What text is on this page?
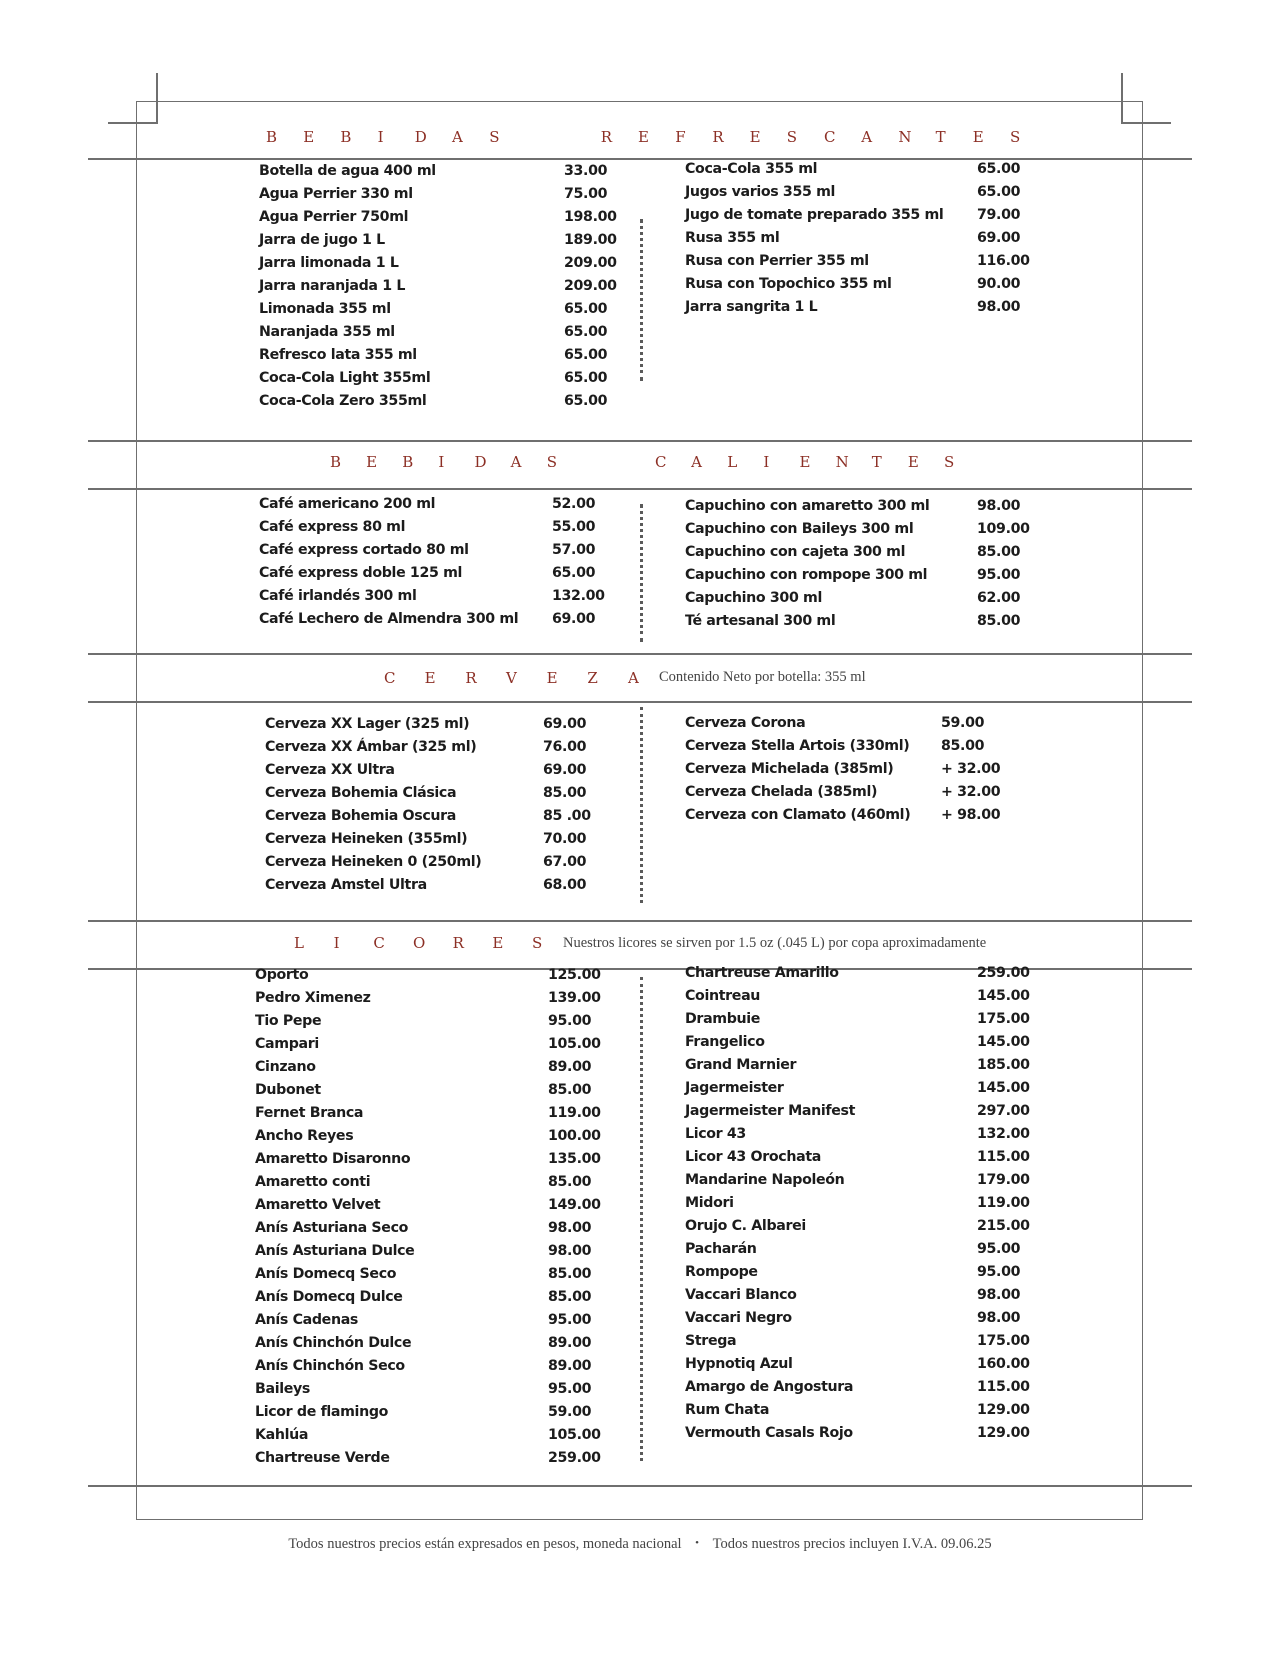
B E B I D A S	R E F R E S C A N T E S
B E B I D A S	C A L I E N T E S
C E R V E Z A Contenido Neto por botella: 355 ml
L I C O R E S Nuestros licores se sirven por 1.5 oz (.045 L) por copa aproximadamente
Botella de agua 400 ml	33.00
Agua Perrier 330 ml	75.00
Agua Perrier 750ml	198.00
Jarra de jugo 1 L	189.00
Jarra limonada 1 L	209.00
Jarra naranjada 1 L	209.00
Limonada 355 ml	65.00
Naranjada 355 ml	65.00
Refresco lata 355 ml	65.00
Coca-Cola Light 355ml	65.00
Coca-Cola Zero 355ml	65.00
Coca-Cola 355 ml	65.00
Jugos varios 355 ml	65.00
Jugo de tomate preparado 355 ml 79.00
Rusa 355 ml	69.00
Rusa con Perrier 355 ml	116.00
Rusa con Topochico 355 ml	90.00
Jarra sangrita 1 L	98.00
Café americano 200 ml	52.00
Café express 80 ml	55.00
Café express cortado 80 ml	57.00
Café express doble 125 ml	65.00
Café irlandés 300 ml	132.00
Café Lechero de Almendra 300 ml 69.00
Capuchino con amaretto 300 ml	98.00
Capuchino con Baileys 300 ml	109.00
Capuchino con cajeta 300 ml	85.00
Capuchino con rompope 300 ml	95.00
Capuchino 300 ml	62.00
Té artesanal 300 ml	85.00
Cerveza XX Lager (325 ml)	69.00
Cerveza XX Ámbar (325 ml)	76.00
Cerveza XX Ultra	69.00
Cerveza Bohemia Clásica	85.00
Cerveza Bohemia Oscura	85 .00
Cerveza Heineken (355ml)	70.00
Cerveza Heineken 0 (250ml)	67.00
Cerveza Amstel Ultra	68.00
Cerveza Corona	59.00
Cerveza Stella Artois (330ml) 85.00
Cerveza Michelada (385ml)	+ 32.00
Cerveza Chelada (385ml)	+ 32.00
Cerveza con Clamato (460ml) + 98.00
Oporto	125.00
Pedro Ximenez	139.00
Tio Pepe	95.00
Campari	105.00
Cinzano	89.00
Dubonet	85.00
Fernet Branca	119.00
Ancho Reyes	100.00
Amaretto Disaronno	135.00
Amaretto conti	85.00
Amaretto Velvet	149.00
Anís Asturiana Seco	98.00
Anís Asturiana Dulce	98.00
Anís Domecq Seco	85.00
Anís Domecq Dulce	85.00
Anís Cadenas	95.00
Anís Chinchón Dulce	89.00
Anís Chinchón Seco	89.00
Baileys	95.00
Licor de flamingo	59.00
Kahlúa	105.00
Chartreuse Verde	259.00
Chartreuse Amarillo	259.00
Cointreau	145.00
Drambuie	175.00
Frangelico	145.00
Grand Marnier	185.00
Jagermeister	145.00
Jagermeister Manifest	297.00
Licor 43	132.00
Licor 43 Orochata	115.00
Mandarine Napoleón	179.00
Midori	119.00
Orujo C. Albarei	215.00
Pacharán	95.00
Rompope	95.00
Vaccari Blanco	98.00
Vaccari Negro	98.00
Strega	175.00
Hypnotiq Azul	160.00
Amargo de Angostura	115.00
Rum Chata	129.00
Vermouth Casals Rojo	129.00
Todos nuestros precios están expresados en pesos, moneda nacional • Todos nuestros precios incluyen I.V.A. 09.06.25
